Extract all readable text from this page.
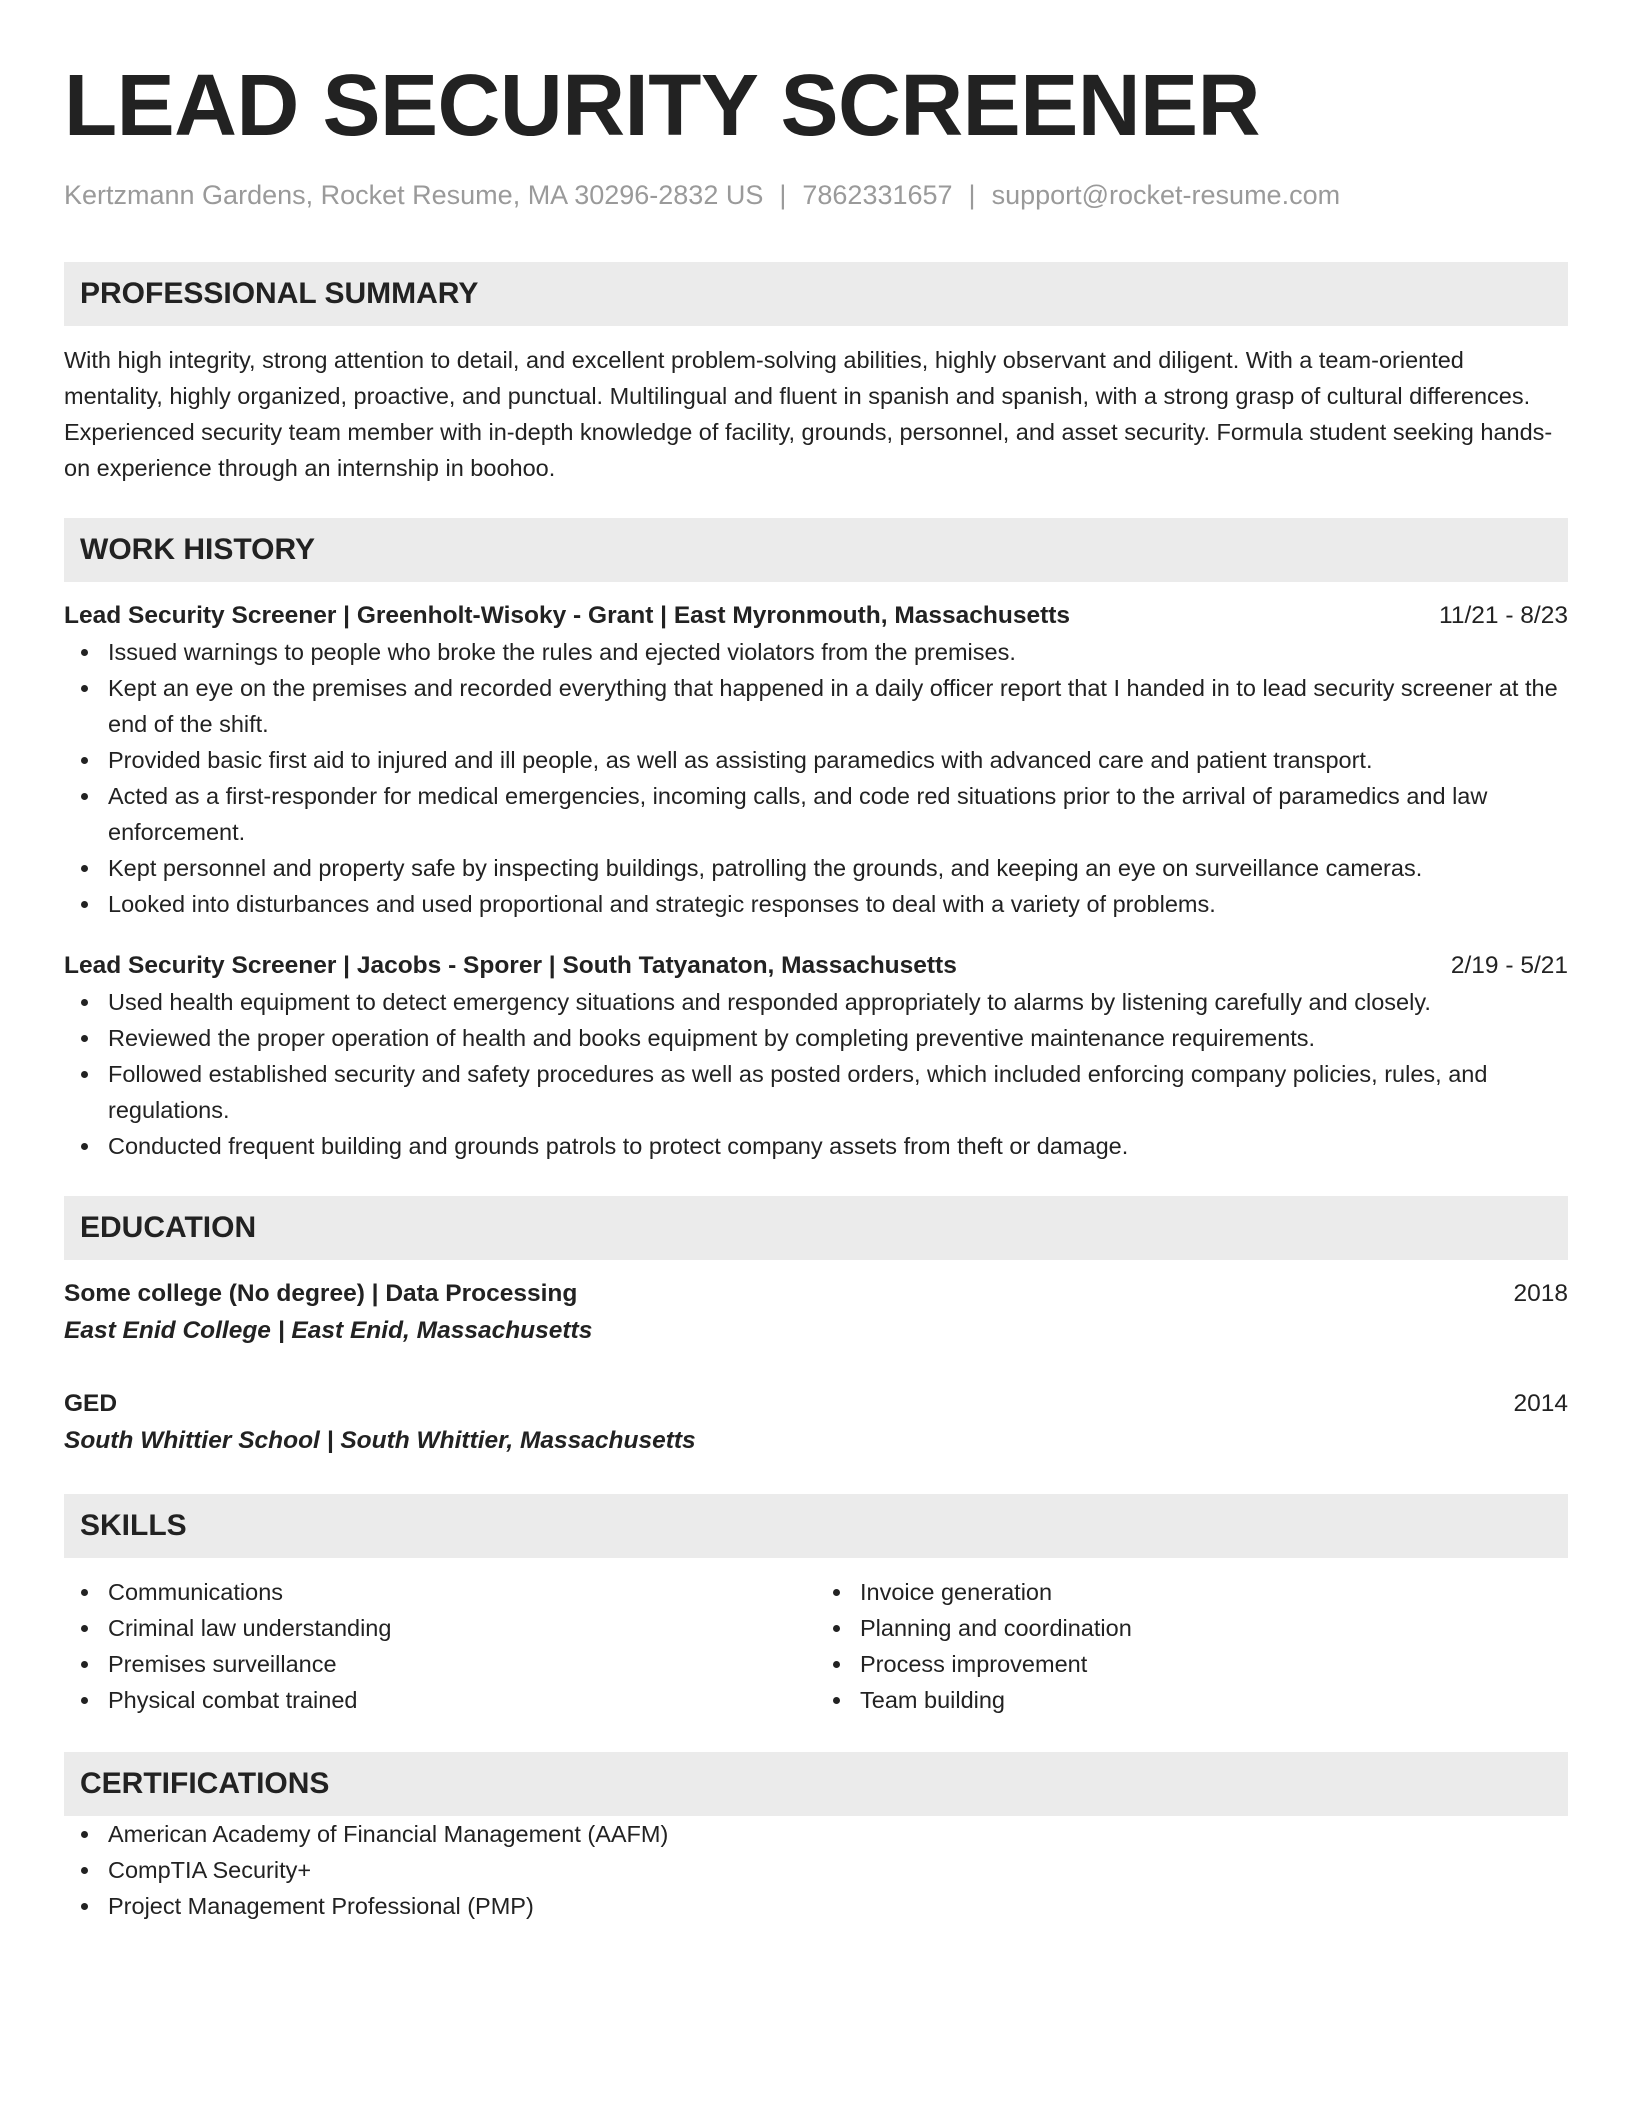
LEAD SECURITY SCREENER
Kertzmann Gardens, Rocket Resume, MA 30296-2832 US | 7862331657 | support@rocket-resume.com
PROFESSIONAL SUMMARY
With high integrity, strong attention to detail, and excellent problem-solving abilities, highly observant and diligent. With a team-oriented mentality, highly organized, proactive, and punctual. Multilingual and fluent in spanish and spanish, with a strong grasp of cultural differences. Experienced security team member with in-depth knowledge of facility, grounds, personnel, and asset security. Formula student seeking hands-on experience through an internship in boohoo.
WORK HISTORY
Lead Security Screener | Greenholt-Wisoky - Grant | East Myronmouth, Massachusetts	11/21 - 8/23
Issued warnings to people who broke the rules and ejected violators from the premises.
Kept an eye on the premises and recorded everything that happened in a daily officer report that I handed in to lead security screener at the end of the shift.
Provided basic first aid to injured and ill people, as well as assisting paramedics with advanced care and patient transport.
Acted as a first-responder for medical emergencies, incoming calls, and code red situations prior to the arrival of paramedics and law enforcement.
Kept personnel and property safe by inspecting buildings, patrolling the grounds, and keeping an eye on surveillance cameras.
Looked into disturbances and used proportional and strategic responses to deal with a variety of problems.
Lead Security Screener | Jacobs - Sporer | South Tatyanaton, Massachusetts	2/19 - 5/21
Used health equipment to detect emergency situations and responded appropriately to alarms by listening carefully and closely.
Reviewed the proper operation of health and books equipment by completing preventive maintenance requirements.
Followed established security and safety procedures as well as posted orders, which included enforcing company policies, rules, and regulations.
Conducted frequent building and grounds patrols to protect company assets from theft or damage.
EDUCATION
Some college (No degree) | Data Processing	2018
East Enid College | East Enid, Massachusetts
GED	2014
South Whittier School | South Whittier, Massachusetts
SKILLS
Communications
Criminal law understanding
Premises surveillance
Physical combat trained
Invoice generation
Planning and coordination
Process improvement
Team building
CERTIFICATIONS
American Academy of Financial Management (AAFM)
CompTIA Security+
Project Management Professional (PMP)
